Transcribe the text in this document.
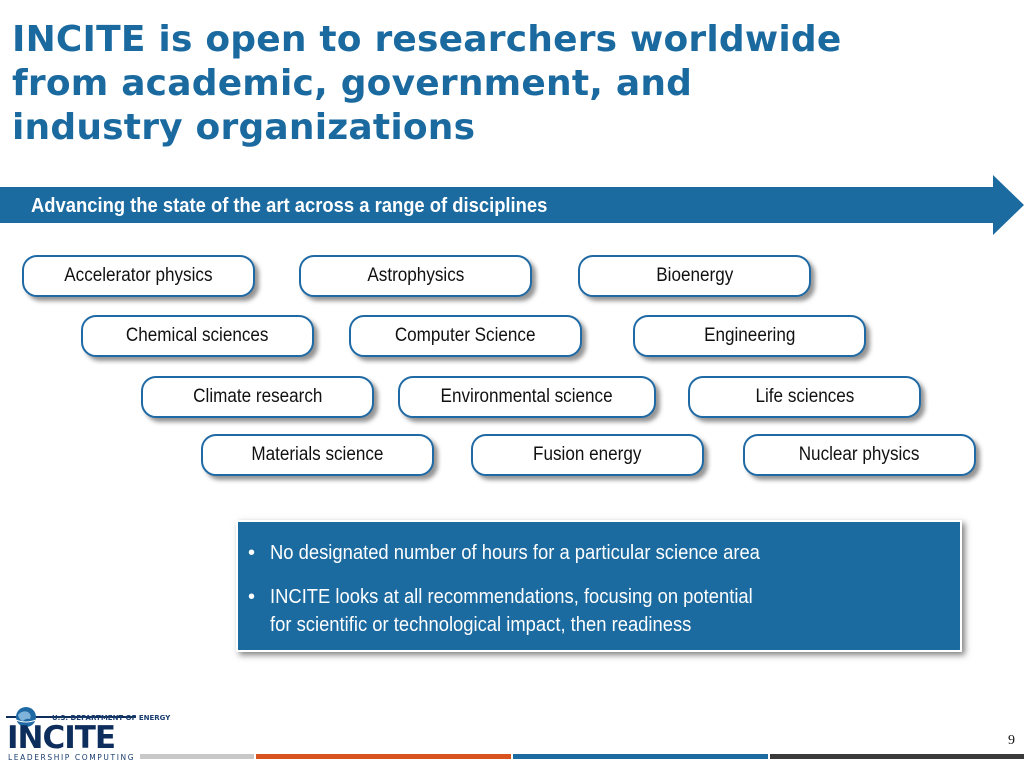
INCITE is open to researchers worldwide
from academic, government, and
industry organizations
Advancing the state of the art across a range of disciplines
Accelerator physics	Astrophysics	Bioenergy
Chemical sciences	Computer Science	Engineering
Climate research	Environmental science	Life sciences
Materials science	Fusion energy	Nuclear physics
• No designated number of hours for a particular science area
• INCITE looks at all recommendations, focusing on potential
for scientific or technological impact, then readiness
U.S. DEPARTMENT OF ENERGY
INCITE
LEADERSHIP COMPUTING
9
